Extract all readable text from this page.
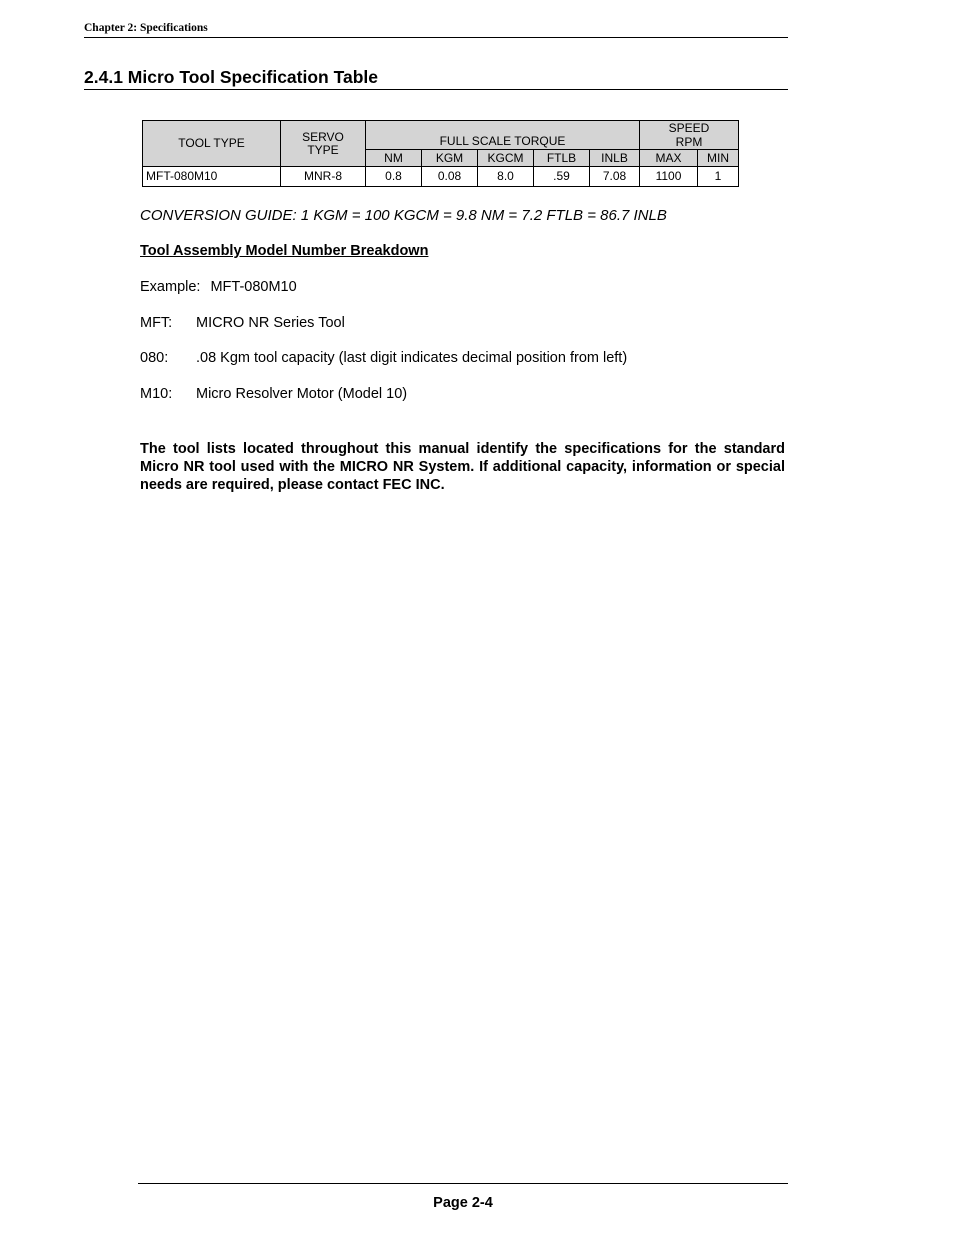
Chapter 2: Specifications
2.4.1 Micro Tool Specification Table
TOOL TYPE	SERVO TYPE	FULL SCALE TORQUE					SPEED
RPM	
		NM	KGM	KGCM	FTLB	INLB	MAX	MIN
MFT-080M10	MNR-8	0.8	0.08	8.0	.59	7.08	1100	1
CONVERSION GUIDE: 1 KGM = 100 KGCM = 9.8 NM = 7.2 FTLB = 86.7 INLB
Tool Assembly Model Number Breakdown
Example: MFT-080M10
MFT: MICRO NR Series Tool
080: .08 Kgm tool capacity (last digit indicates decimal position from left)
M10: Micro Resolver Motor (Model 10)
The tool lists located throughout this manual identify the specifications for the standard Micro NR tool used with the MICRO NR System. If additional capacity, information or special needs are required, please contact FEC INC.
Page 2-4
